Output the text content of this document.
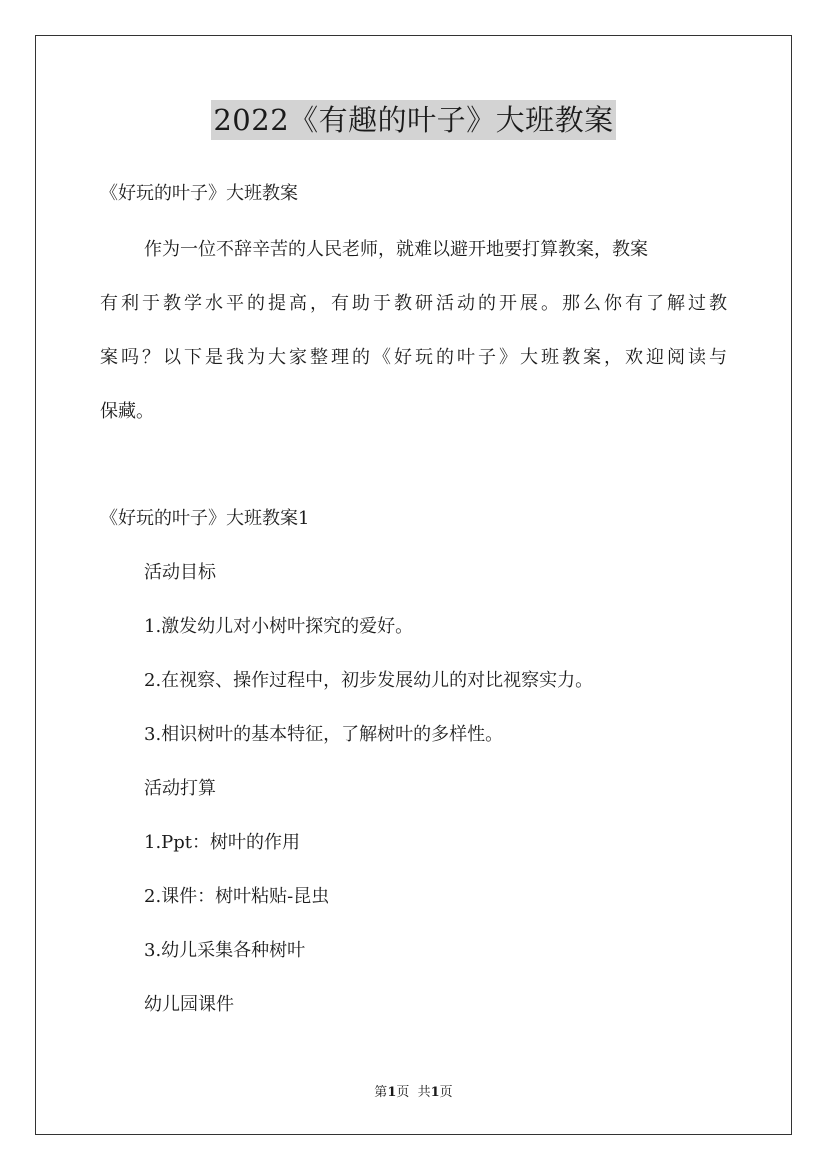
2022《有趣的叶子》大班教案
《好玩的叶子》大班教案
作为一位不辞辛苦的人民老师，就难以避开地要打算教案，教案
有利于教学水平的提高，有助于教研活动的开展。那么你有了解过教
案吗？以下是我为大家整理的《好玩的叶子》大班教案，欢迎阅读与
保藏。
《好玩的叶子》大班教案1
活动目标
1.激发幼儿对小树叶探究的爱好。
2.在视察、操作过程中，初步发展幼儿的对比视察实力。
3.相识树叶的基本特征，了解树叶的多样性。
活动打算
1.Ppt：树叶的作用
2.课件：树叶粘贴-昆虫
3.幼儿采集各种树叶
幼儿园课件
第1页  共1页
